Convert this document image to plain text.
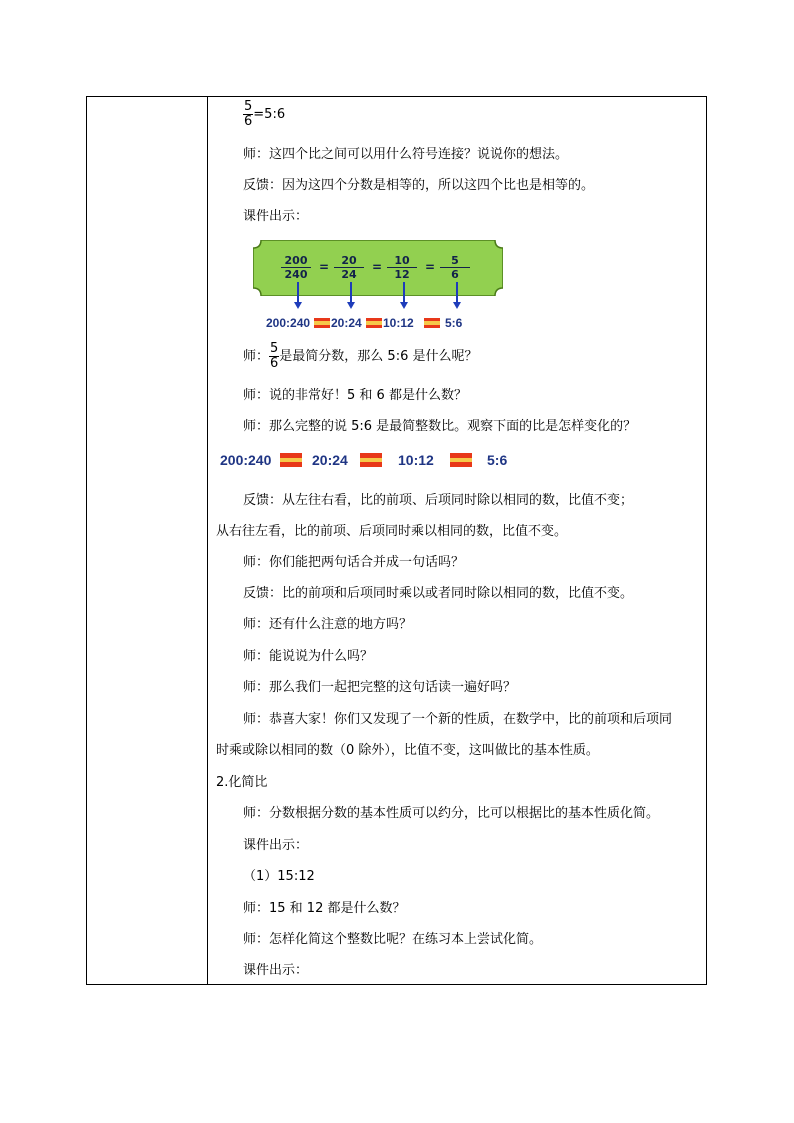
$\frac{5}{6}$ =5:6
师：这四个比之间可以用什么符号连接？说说你的想法。
反馈：因为这四个分数是相等的，所以这四个比也是相等的。
课件出示：
$\frac{200}{240} = \frac{20}{24} = \frac{10}{12} = \frac{5}{6}$
200:240 20:24 10:12	5:6
师： $\frac{5}{6}$ 是最简分数，那么 5:6 是什么呢？
师：说的非常好！5 和 6 都是什么数？
师：那么完整的说 5:6 是最简整数比。观察下面的比是怎样变化的？
200:240	20:24	10:12	5:6
反馈：从左往右看，比的前项、后项同时除以相同的数，比值不变；
从右往左看，比的前项、后项同时乘以相同的数，比值不变。
师：你们能把两句话合并成一句话吗？
反馈：比的前项和后项同时乘以或者同时除以相同的数，比值不变。
师：还有什么注意的地方吗？
师：能说说为什么吗？
师：那么我们一起把完整的这句话读一遍好吗？
师：恭喜大家！你们又发现了一个新的性质，在数学中，比的前项和后项同
时乘或除以相同的数（0 除外），比值不变，这叫做比的基本性质。
2.化简比
师：分数根据分数的基本性质可以约分，比可以根据比的基本性质化简。
课件出示：
（1）15:12
师：15 和 12 都是什么数？
师：怎样化简这个整数比呢？在练习本上尝试化简。
课件出示：
